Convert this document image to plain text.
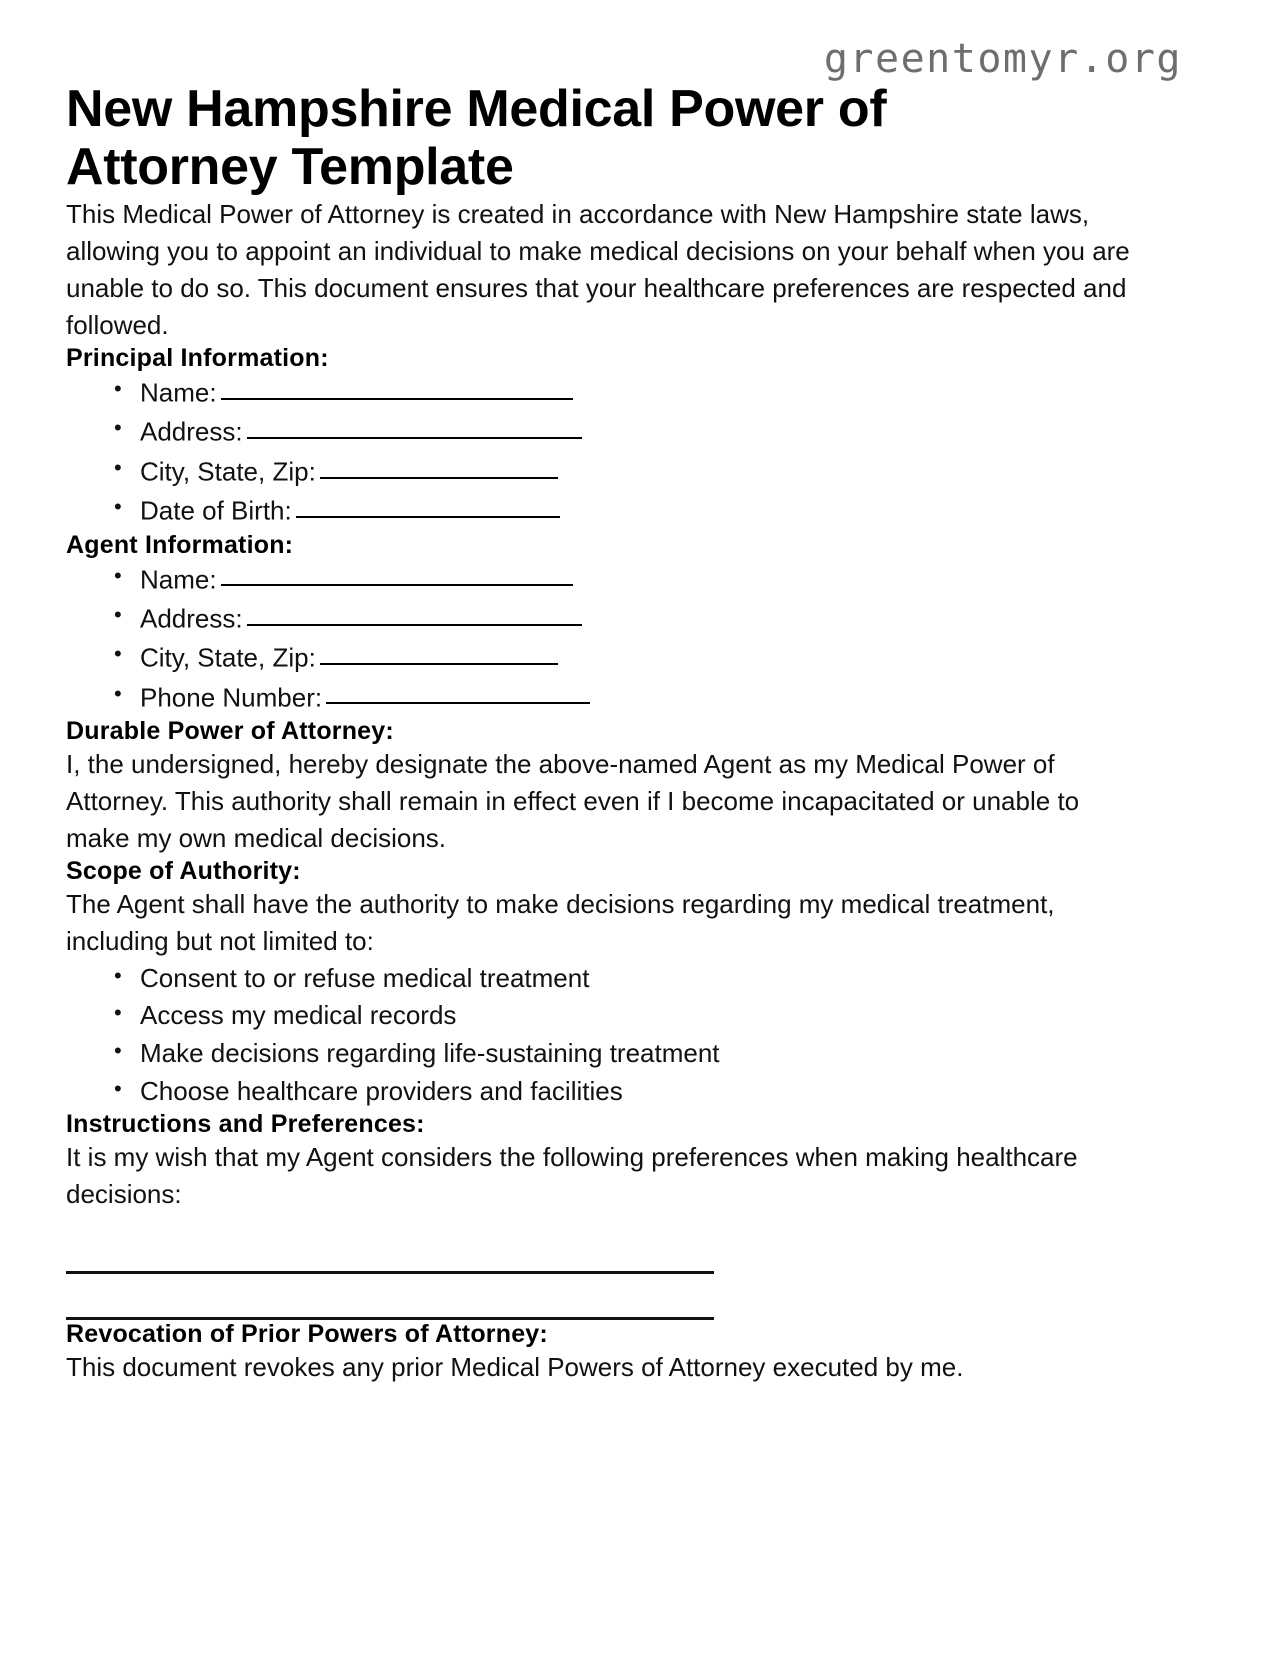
greentomyr.org
New Hampshire Medical Power of Attorney Template

This Medical Power of Attorney is created in accordance with New Hampshire state laws, allowing you to appoint an individual to make medical decisions on your behalf when you are unable to do so. This document ensures that your healthcare preferences are respected and followed.

Principal Information:
• Name:
• Address:
• City, State, Zip:
• Date of Birth:
Agent Information:
• Name:
• Address:
• City, State, Zip:
• Phone Number:
Durable Power of Attorney:

I, the undersigned, hereby designate the above-named Agent as my Medical Power of Attorney. This authority shall remain in effect even if I become incapacitated or unable to make my own medical decisions.

Scope of Authority:

The Agent shall have the authority to make decisions regarding my medical treatment, including but not limited to:

• Consent to or refuse medical treatment
• Access my medical records
• Make decisions regarding life-sustaining treatment
• Choose healthcare providers and facilities
Instructions and Preferences:

It is my wish that my Agent considers the following preferences when making healthcare decisions:

Revocation of Prior Powers of Attorney:

This document revokes any prior Medical Powers of Attorney executed by me.
